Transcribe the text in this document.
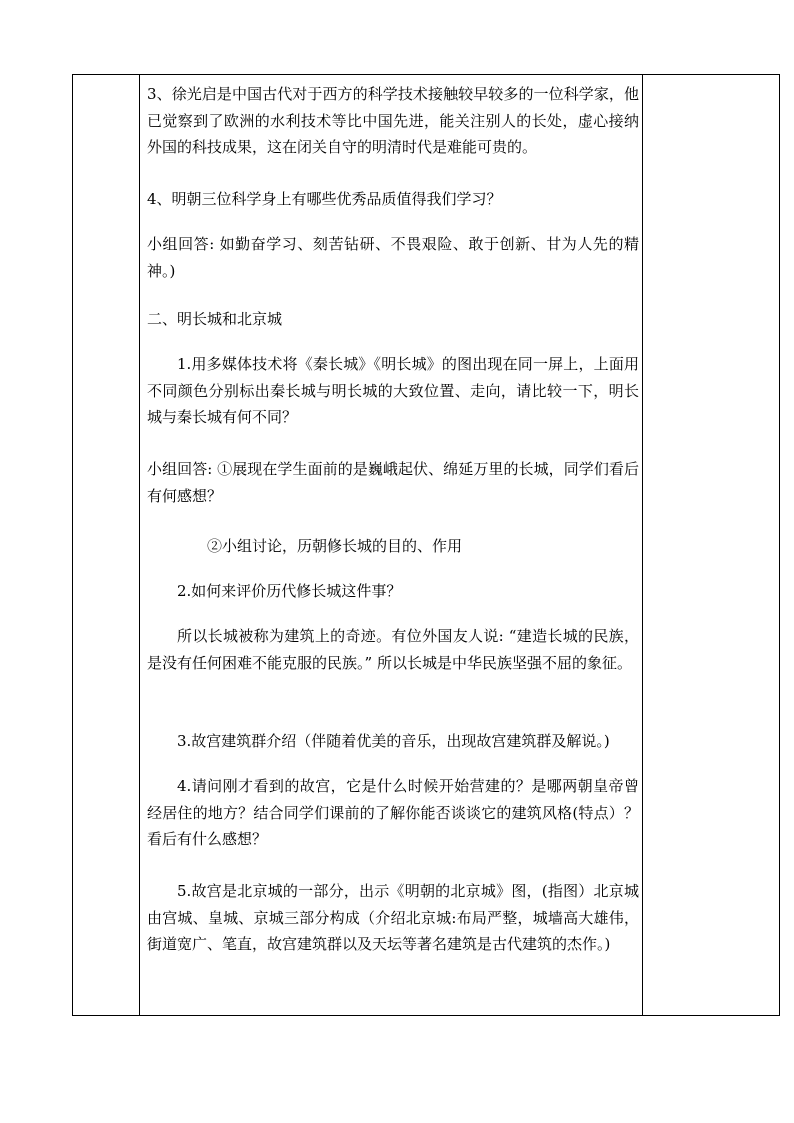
3、徐光启是中国古代对于西方的科学技术接触较早较多的一位科学家，他已觉察到了欧洲的水利技术等比中国先进，能关注别人的长处，虚心接纳外国的科技成果，这在闭关自守的明清时代是难能可贵的。

4、明朝三位科学身上有哪些优秀品质值得我们学习？

小组回答: 如勤奋学习、刻苦钻研、不畏艰险、敢于创新、甘为人先的精神。)

二、明长城和北京城

1.用多媒体技术将《秦长城》《明长城》的图出现在同一屏上，上面用不同颜色分别标出秦长城与明长城的大致位置、走向，请比较一下，明长城与秦长城有何不同？

小组回答: ①展现在学生面前的是巍峨起伏、绵延万里的长城，同学们看后有何感想？

②小组讨论，历朝修长城的目的、作用

2.如何来评价历代修长城这件事？

所以长城被称为建筑上的奇迹。有位外国友人说: “建造长城的民族，是没有任何困难不能克服的民族。” 所以长城是中华民族坚强不屈的象征。

3.故宫建筑群介绍（伴随着优美的音乐，出现故宫建筑群及解说。)

4.请问刚才看到的故宫，它是什么时候开始营建的？是哪两朝皇帝曾经居住的地方？结合同学们课前的了解你能否谈谈它的建筑风格(特点）？看后有什么感想？

5.故宫是北京城的一部分，出示《明朝的北京城》图，(指图）北京城由宫城、皇城、京城三部分构成（介绍北京城:布局严整，城墙高大雄伟，街道宽广、笔直，故宫建筑群以及天坛等著名建筑是古代建筑的杰作。)
